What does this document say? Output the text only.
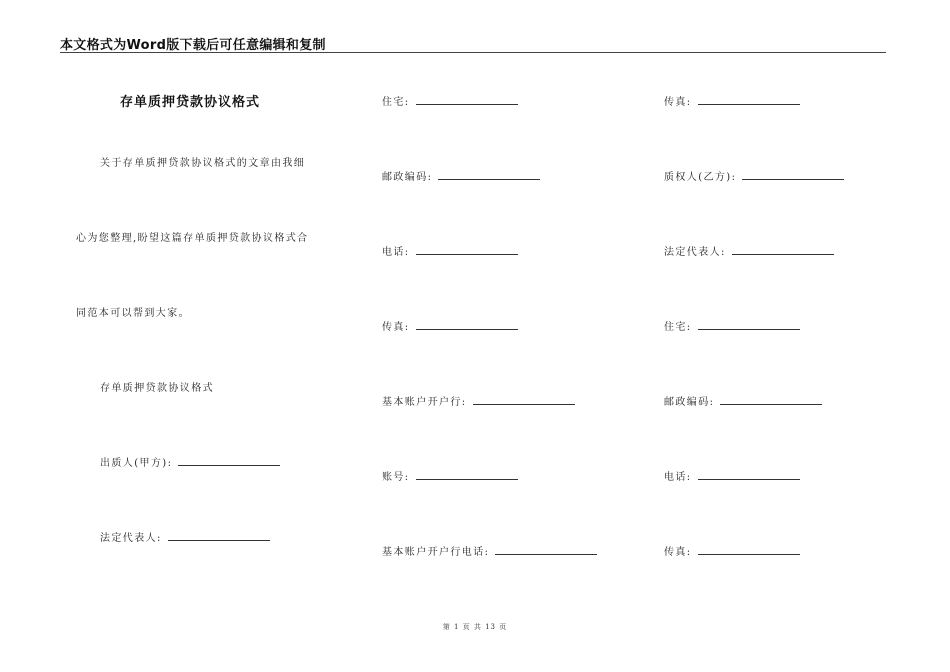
本文格式为Word版下载后可任意编辑和复制
存单质押贷款协议格式
关于存单质押贷款协议格式的文章由我细
心为您整理,盼望这篇存单质押贷款协议格式合
同范本可以帮到大家。
存单质押贷款协议格式
出质人(甲方):
法定代表人:
住宅:
邮政编码:
电话:
传真:
基本账户开户行:
账号:
基本账户开户行电话:
传真:
质权人(乙方):
法定代表人:
住宅:
邮政编码:
电话:
传真:
第 1 页 共 13 页
